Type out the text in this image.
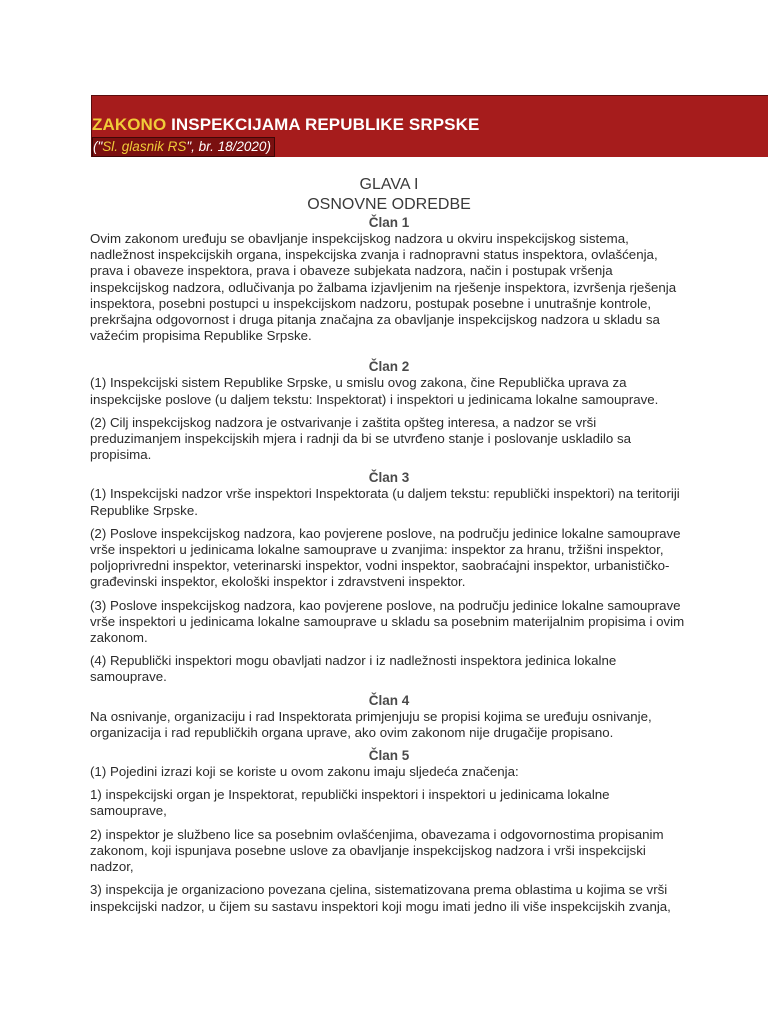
ZAKONO INSPEKCIJAMA REPUBLIKE SRPSKE
("Sl. glasnik RS", br. 18/2020)

GLAVA I

OSNOVNE ODREDBE

Član 1

Ovim zakonom uređuju se obavljanje inspekcijskog nadzora u okviru inspekcijskog sistema, nadležnost inspekcijskih organa, inspekcijska zvanja i radnopravni status inspektora, ovlašćenja, prava i obaveze inspektora, prava i obaveze subjekata nadzora, način i postupak vršenja inspekcijskog nadzora, odlučivanja po žalbama izjavljenim na rješenje inspektora, izvršenja rješenja inspektora, posebni postupci u inspekcijskom nadzoru, postupak posebne i unutrašnje kontrole, prekršajna odgovornost i druga pitanja značajna za obavljanje inspekcijskog nadzora u skladu sa važećim propisima Republike Srpske.

Član 2

(1) Inspekcijski sistem Republike Srpske, u smislu ovog zakona, čine Republička uprava za inspekcijske poslove (u daljem tekstu: Inspektorat) i inspektori u jedinicama lokalne samouprave.

(2) Cilj inspekcijskog nadzora je ostvarivanje i zaštita opšteg interesa, a nadzor se vrši preduzimanjem inspekcijskih mjera i radnji da bi se utvrđeno stanje i poslovanje uskladilo sa propisima.

Član 3

(1) Inspekcijski nadzor vrše inspektori Inspektorata (u daljem tekstu: republički inspektori) na teritoriji Republike Srpske.

(2) Poslove inspekcijskog nadzora, kao povjerene poslove, na području jedinice lokalne samouprave vrše inspektori u jedinicama lokalne samouprave u zvanjima: inspektor za hranu, tržišni inspektor, poljoprivredni inspektor, veterinarski inspektor, vodni inspektor, saobraćajni inspektor, urbanističko-građevinski inspektor, ekološki inspektor i zdravstveni inspektor.

(3) Poslove inspekcijskog nadzora, kao povjerene poslove, na području jedinice lokalne samouprave vrše inspektori u jedinicama lokalne samouprave u skladu sa posebnim materijalnim propisima i ovim zakonom.

(4) Republički inspektori mogu obavljati nadzor i iz nadležnosti inspektora jedinica lokalne samouprave.

Član 4

Na osnivanje, organizaciju i rad Inspektorata primjenjuju se propisi kojima se uređuju osnivanje, organizacija i rad republičkih organa uprave, ako ovim zakonom nije drugačije propisano.

Član 5

(1) Pojedini izrazi koji se koriste u ovom zakonu imaju sljedeća značenja:

1) inspekcijski organ je Inspektorat, republički inspektori i inspektori u jedinicama lokalne samouprave,

2) inspektor je službeno lice sa posebnim ovlašćenjima, obavezama i odgovornostima propisanim zakonom, koji ispunjava posebne uslove za obavljanje inspekcijskog nadzora i vrši inspekcijski nadzor,

3) inspekcija je organizaciono povezana cjelina, sistematizovana prema oblastima u kojima se vrši inspekcijski nadzor, u čijem su sastavu inspektori koji mogu imati jedno ili više inspekcijskih zvanja,
